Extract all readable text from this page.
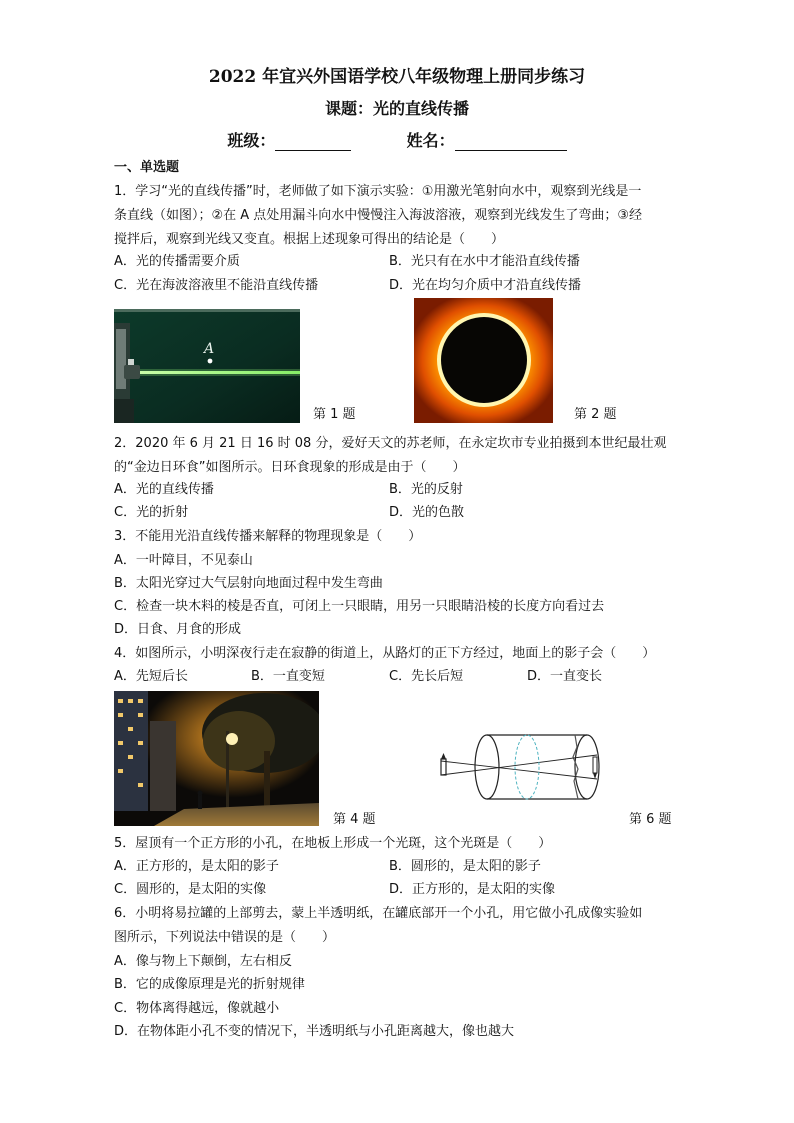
2022 年宜兴外国语学校八年级物理上册同步练习
课题：光的直线传播
班级：	姓名：
一、单选题
1．学习“光的直线传播”时，老师做了如下演示实验：①用激光笔射向水中，观察到光线是一
条直线（如图）；②在 A 点处用漏斗向水中慢慢注入海波溶液，观察到光线发生了弯曲；③经
搅拌后，观察到光线又变直。根据上述现象可得出的结论是（　　）
A．光的传播需要介质	B．光只有在水中才能沿直线传播
C．光在海波溶液里不能沿直线传播	D．光在均匀介质中才沿直线传播
A
第 1 题	第 2 题
2．2020 年 6 月 21 日 16 时 08 分，爱好天文的苏老师，在永定坎市专业拍摄到本世纪最壮观
的“金边日环食”如图所示。日环食现象的形成是由于（　　）
A．光的直线传播	B．光的反射
C．光的折射	D．光的色散
3．不能用光沿直线传播来解释的物理现象是（　　）
A．一叶障目，不见泰山
B．太阳光穿过大气层射向地面过程中发生弯曲
C．检查一块木料的棱是否直，可闭上一只眼睛，用另一只眼睛沿棱的长度方向看过去
D．日食、月食的形成
4．如图所示，小明深夜行走在寂静的街道上，从路灯的正下方经过，地面上的影子会（　　）
A．先短后长	B．一直变短	C．先长后短	D．一直变长
第 4 题	第 6 题
5．屋顶有一个正方形的小孔，在地板上形成一个光斑，这个光斑是（　　）
A．正方形的，是太阳的影子	B．圆形的，是太阳的影子
C．圆形的，是太阳的实像	D．正方形的，是太阳的实像
6．小明将易拉罐的上部剪去，蒙上半透明纸，在罐底部开一个小孔，用它做小孔成像实验如
图所示，下列说法中错误的是（　　）
A．像与物上下颠倒，左右相反
B．它的成像原理是光的折射规律
C．物体离得越远，像就越小
D．在物体距小孔不变的情况下，半透明纸与小孔距离越大，像也越大
